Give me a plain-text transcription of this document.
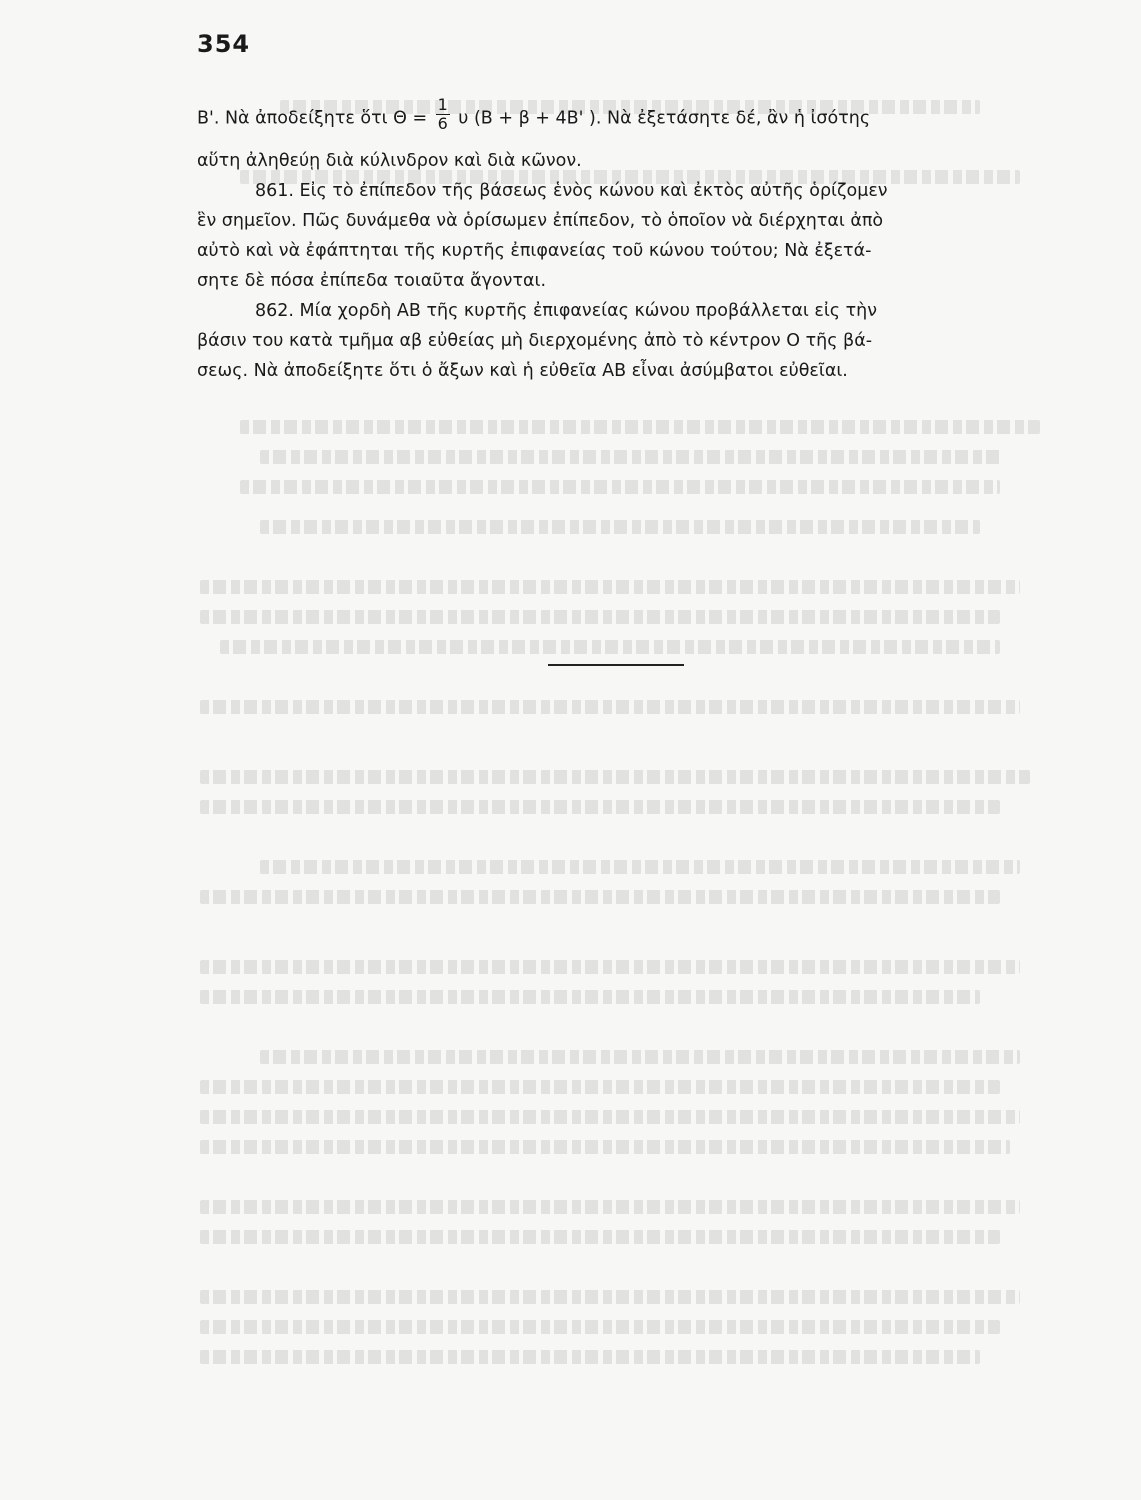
354
Β'. Νὰ ἀποδείξητε ὅτι $\Theta = \frac{1}{6}$ υ (Β + β + 4Β' ). Νὰ ἐξετάσητε δέ, ἂν ἡ ἰσότης
αὕτη ἀληθεύῃ διὰ κύλινδρον καὶ διὰ κῶνον.
861. Εἰς τὸ ἐπίπεδον τῆς βάσεως ἑνὸς κώνου καὶ ἐκτὸς αὐτῆς ὁρίζομεν
ἓν σημεῖον. Πῶς δυνάμεθα νὰ ὁρίσωμεν ἐπίπεδον, τὸ ὁποῖον νὰ διέρχηται ἀπὸ
αὐτὸ καὶ νὰ ἐφάπτηται τῆς κυρτῆς ἐπιφανείας τοῦ κώνου τούτου; Νὰ ἐξετά-
σητε δὲ πόσα ἐπίπεδα τοιαῦτα ἄγονται.
862. Μία χορδὴ ΑΒ τῆς κυρτῆς ἐπιφανείας κώνου προβάλλεται εἰς τὴν
βάσιν του κατὰ τμῆμα αβ εὐθείας μὴ διερχομένης ἀπὸ τὸ κέντρον Ο τῆς βά-
σεως. Νὰ ἀποδείξητε ὅτι ὁ ἄξων καὶ ἡ εὐθεῖα ΑΒ εἶναι ἀσύμβατοι εὐθεῖαι.
